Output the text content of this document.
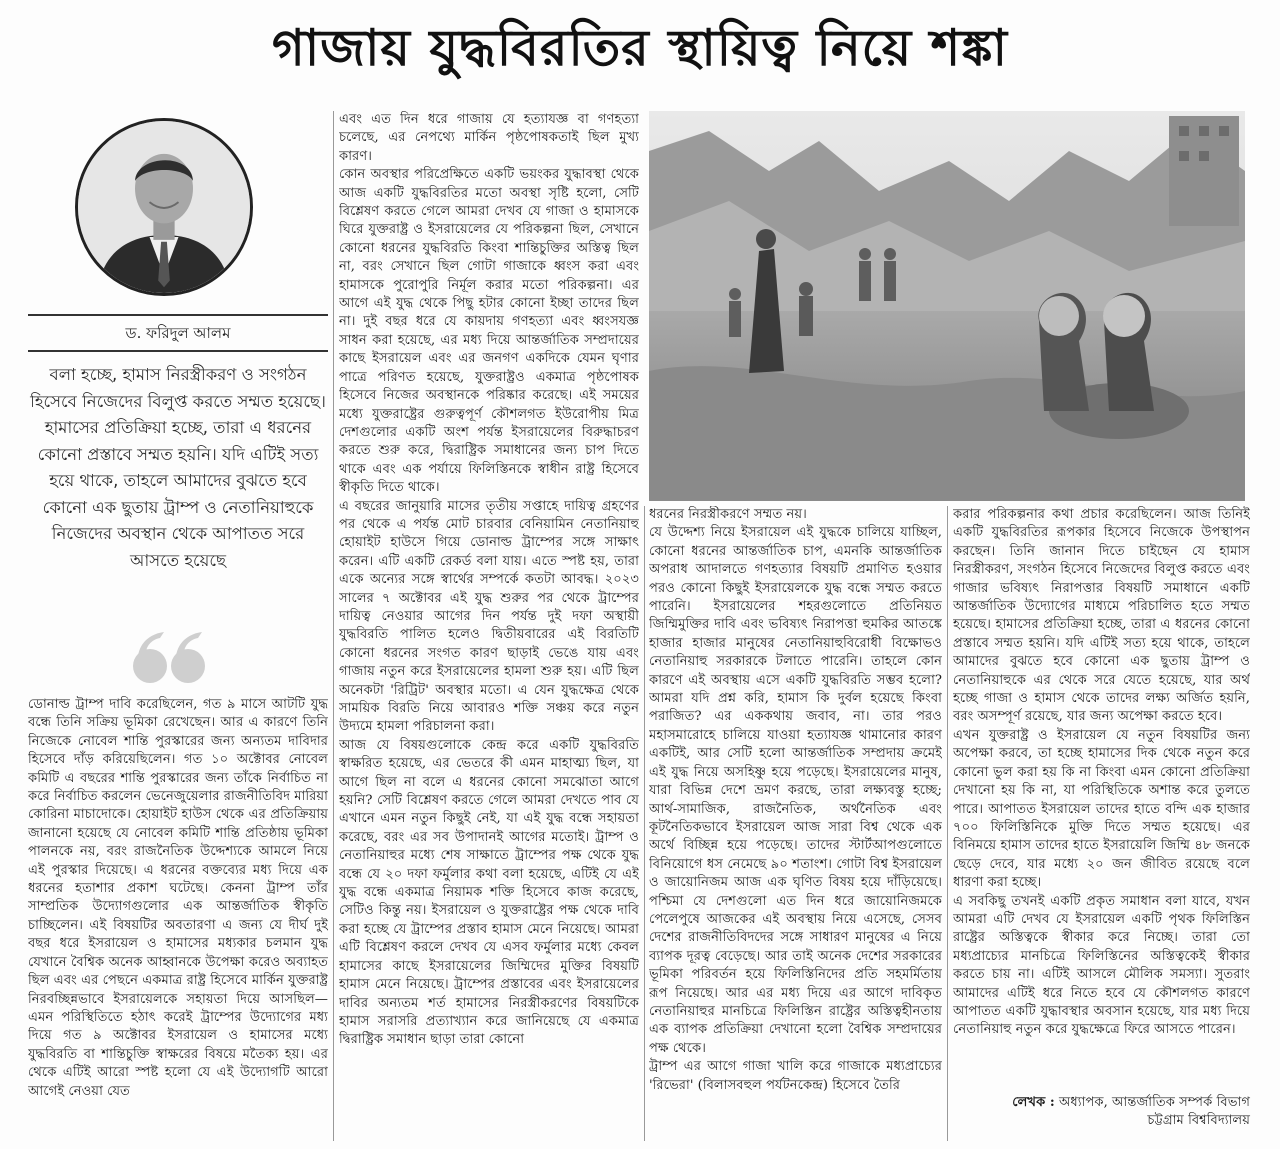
গাজায় যুদ্ধবিরতির স্থায়িত্ব নিয়ে শঙ্কা
ড. ফরিদুল আলম
বলা হচ্ছে, হামাস নিরস্ত্রীকরণ ও সংগঠন হিসেবে নিজেদের বিলুপ্ত করতে সম্মত হয়েছে। হামাসের প্রতিক্রিয়া হচ্ছে, তারা এ ধরনের কোনো প্রস্তাবে সম্মত হয়নি। যদি এটিই সত্য হয়ে থাকে, তাহলে আমাদের বুঝতে হবে কোনো এক ছুতায় ট্রাম্প ও নেতানিয়াহুকে নিজেদের অবস্থান থেকে আপাতত সরে আসতে হয়েছে

ডোনাল্ড ট্রাম্প দাবি করেছিলেন, গত ৯ মাসে আটটি যুদ্ধ বন্ধে তিনি সক্রিয় ভূমিকা রেখেছেন। আর এ কারণে তিনি নিজেকে নোবেল শান্তি পুরস্কারের জন্য অন্যতম দাবিদার হিসেবে দাঁড় করিয়েছিলেন। গত ১০ অক্টোবর নোবেল কমিটি এ বছরের শান্তি পুরস্কারের জন্য তাঁকে নির্বাচিত না করে নির্বাচিত করলেন ভেনেজুয়েলার রাজনীতিবিদ মারিয়া কোরিনা মাচাদোকে। হোয়াইট হাউস থেকে এর প্রতিক্রিয়ায় জানানো হয়েছে যে নোবেল কমিটি শান্তি প্রতিষ্ঠায় ভূমিকা পালনকে নয়, বরং রাজনৈতিক উদ্দেশ্যকে আমলে নিয়ে এই পুরস্কার দিয়েছে। এ ধরনের বক্তব্যের মধ্য দিয়ে এক ধরনের হতাশার প্রকাশ ঘটেছে। কেননা ট্রাম্প তাঁর সাম্প্রতিক উদ্যোগগুলোর এক আন্তর্জাতিক স্বীকৃতি চাচ্ছিলেন। এই বিষয়টির অবতারণা এ জন্য যে দীর্ঘ দুই বছর ধরে ইসরায়েল ও হামাসের মধ্যকার চলমান যুদ্ধ যেখানে বৈশ্বিক অনেক আহ্বানকে উপেক্ষা করেও অব্যাহত ছিল এবং এর পেছনে একমাত্র রাষ্ট্র হিসেবে মার্কিন যুক্তরাষ্ট্র নিরবচ্ছিন্নভাবে ইসরায়েলকে সহায়তা দিয়ে আসছিল—এমন পরিস্থিতিতে হঠাৎ করেই ট্রাম্পের উদ্যোগের মধ্য দিয়ে গত ৯ অক্টোবর ইসরায়েল ও হামাসের মধ্যে যুদ্ধবিরতি বা শান্তিচুক্তি স্বাক্ষরের বিষয়ে মতৈক্য হয়। এর থেকে এটিই আরো স্পষ্ট হলো যে এই উদ্যোগটি আরো আগেই নেওয়া যেত

এবং এত দিন ধরে গাজায় যে হত্যাযজ্ঞ বা গণহত্যা চলেছে, এর নেপথ্যে মার্কিন পৃষ্ঠপোষকতাই ছিল মুখ্য কারণ।

কোন অবস্থার পরিপ্রেক্ষিতে একটি ভয়ংকর যুদ্ধাবস্থা থেকে আজ একটি যুদ্ধবিরতির মতো অবস্থা সৃষ্টি হলো, সেটি বিশ্লেষণ করতে গেলে আমরা দেখব যে গাজা ও হামাসকে ঘিরে যুক্তরাষ্ট্র ও ইসরায়েলের যে পরিকল্পনা ছিল, সেখানে কোনো ধরনের যুদ্ধবিরতি কিংবা শান্তিচুক্তির অস্তিত্ব ছিল না, বরং সেখানে ছিল গোটা গাজাকে ধ্বংস করা এবং হামাসকে পুরোপুরি নির্মূল করার মতো পরিকল্পনা। এর আগে এই যুদ্ধ থেকে পিছু হটার কোনো ইচ্ছা তাদের ছিল না। দুই বছর ধরে যে কায়দায় গণহত্যা এবং ধ্বংসযজ্ঞ সাধন করা হয়েছে, এর মধ্য দিয়ে আন্তর্জাতিক সম্প্রদায়ের কাছে ইসরায়েল এবং এর জনগণ একদিকে যেমন ঘৃণার পাত্রে পরিণত হয়েছে, যুক্তরাষ্ট্রও একমাত্র পৃষ্ঠপোষক হিসেবে নিজের অবস্থানকে পরিষ্কার করেছে। এই সময়ের মধ্যে যুক্তরাষ্ট্রের গুরুত্বপূর্ণ কৌশলগত ইউরোপীয় মিত্র দেশগুলোর একটি অংশ পর্যন্ত ইসরায়েলের বিরুদ্ধাচরণ করতে শুরু করে, দ্বিরাষ্ট্রিক সমাধানের জন্য চাপ দিতে থাকে এবং এক পর্যায়ে ফিলিস্তিনকে স্বাধীন রাষ্ট্র হিসেবে স্বীকৃতি দিতে থাকে।

এ বছরের জানুয়ারি মাসের তৃতীয় সপ্তাহে দায়িত্ব গ্রহণের পর থেকে এ পর্যন্ত মোট চারবার বেনিয়ামিন নেতানিয়াহু হোয়াইট হাউসে গিয়ে ডোনাল্ড ট্রাম্পের সঙ্গে সাক্ষাৎ করেন। এটি একটি রেকর্ড বলা যায়। এতে স্পষ্ট হয়, তারা একে অন্যের সঙ্গে স্বার্থের সম্পর্কে কতটা আবদ্ধ। ২০২৩ সালের ৭ অক্টোবর এই যুদ্ধ শুরুর পর থেকে ট্রাম্পের দায়িত্ব নেওয়ার আগের দিন পর্যন্ত দুই দফা অস্থায়ী যুদ্ধবিরতি পালিত হলেও দ্বিতীয়বারের এই বিরতিটি কোনো ধরনের সংগত কারণ ছাড়াই ভেঙে যায় এবং গাজায় নতুন করে ইসরায়েলের হামলা শুরু হয়। এটি ছিল অনেকটা 'রিট্রিট' অবস্থার মতো। এ যেন যুদ্ধক্ষেত্র থেকে সাময়িক বিরতি নিয়ে আবারও শক্তি সঞ্চয় করে নতুন উদ্যমে হামলা পরিচালনা করা।

আজ যে বিষয়গুলোকে কেন্দ্র করে একটি যুদ্ধবিরতি স্বাক্ষরিত হয়েছে, এর ভেতরে কী এমন মাহাত্ম্য ছিল, যা আগে ছিল না বলে এ ধরনের কোনো সমঝোতা আগে হয়নি? সেটি বিশ্লেষণ করতে গেলে আমরা দেখতে পাব যে এখানে এমন নতুন কিছুই নেই, যা এই যুদ্ধ বন্ধে সহায়তা করেছে, বরং এর সব উপাদানই আগের মতোই। ট্রাম্প ও নেতানিয়াহুর মধ্যে শেষ সাক্ষাতে ট্রাম্পের পক্ষ থেকে যুদ্ধ বন্ধে যে ২০ দফা ফর্মুলার কথা বলা হয়েছে, এটিই যে এই যুদ্ধ বন্ধে একমাত্র নিয়ামক শক্তি হিসেবে কাজ করেছে, সেটিও কিন্তু নয়। ইসরায়েল ও যুক্তরাষ্ট্রের পক্ষ থেকে দাবি করা হচ্ছে যে ট্রাম্পের প্রস্তাব হামাস মেনে নিয়েছে। আমরা এটি বিশ্লেষণ করলে দেখব যে এসব ফর্মুলার মধ্যে কেবল হামাসের কাছে ইসরায়েলের জিম্মিদের মুক্তির বিষয়টি হামাস মেনে নিয়েছে। ট্রাম্পের প্রস্তাবের এবং ইসরায়েলের দাবির অন্যতম শর্ত হামাসের নিরস্ত্রীকরণের বিষয়টিকে হামাস সরাসরি প্রত্যাখ্যান করে জানিয়েছে যে একমাত্র দ্বিরাষ্ট্রিক সমাধান ছাড়া তারা কোনো

ধরনের নিরস্ত্রীকরণে সম্মত নয়।

যে উদ্দেশ্য নিয়ে ইসরায়েল এই যুদ্ধকে চালিয়ে যাচ্ছিল, কোনো ধরনের আন্তর্জাতিক চাপ, এমনকি আন্তর্জাতিক অপরাধ আদালতে গণহত্যার বিষয়টি প্রমাণিত হওয়ার পরও কোনো কিছুই ইসরায়েলকে যুদ্ধ বন্ধে সম্মত করতে পারেনি। ইসরায়েলের শহরগুলোতে প্রতিনিয়ত জিম্মিমুক্তির দাবি এবং ভবিষ্যৎ নিরাপত্তা হুমকির আতঙ্কে হাজার হাজার মানুষের নেতানিয়াহুবিরোধী বিক্ষোভও নেতানিয়াহু সরকারকে টলাতে পারেনি। তাহলে কোন কারণে এই অবস্থায় এসে একটি যুদ্ধবিরতি সম্ভব হলো? আমরা যদি প্রশ্ন করি, হামাস কি দুর্বল হয়েছে কিংবা পরাজিত? এর এককথায় জবাব, না। তার পরও মহাসমারোহে চালিয়ে যাওয়া হত্যাযজ্ঞ থামানোর কারণ একটিই, আর সেটি হলো আন্তর্জাতিক সম্প্রদায় ক্রমেই এই যুদ্ধ নিয়ে অসহিষ্ণু হয়ে পড়েছে। ইসরায়েলের মানুষ, যারা বিভিন্ন দেশে ভ্রমণ করছে, তারা লক্ষ্যবস্তু হচ্ছে; আর্থ-সামাজিক, রাজনৈতিক, অর্থনৈতিক এবং কূটনৈতিকভাবে ইসরায়েল আজ সারা বিশ্ব থেকে এক অর্থে বিচ্ছিন্ন হয়ে পড়েছে। তাদের স্টার্টআপগুলোতে বিনিয়োগে ধস নেমেছে ৯০ শতাংশ। গোটা বিশ্ব ইসরায়েল ও জায়োনিজম আজ এক ঘৃণিত বিষয় হয়ে দাঁড়িয়েছে। পশ্চিমা যে দেশগুলো এত দিন ধরে জায়োনিজমকে পেলেপুষে আজকের এই অবস্থায় নিয়ে এসেছে, সেসব দেশের রাজনীতিবিদদের সঙ্গে সাধারণ মানুষের এ নিয়ে ব্যাপক দূরত্ব বেড়েছে। আর তাই অনেক দেশের সরকারের ভূমিকা পরিবর্তন হয়ে ফিলিস্তিনিদের প্রতি সহমর্মিতায় রূপ নিয়েছে। আর এর মধ্য দিয়ে এর আগে দাবিকৃত নেতানিয়াহুর মানচিত্রে ফিলিস্তিন রাষ্ট্রের অস্তিত্বহীনতায় এক ব্যাপক প্রতিক্রিয়া দেখানো হলো বৈশ্বিক সম্প্রদায়ের পক্ষ থেকে।

ট্রাম্প এর আগে গাজা খালি করে গাজাকে মধ্যপ্রাচ্যের 'রিভেরা' (বিলাসবহুল পর্যটনকেন্দ্র) হিসেবে তৈরি

করার পরিকল্পনার কথা প্রচার করেছিলেন। আজ তিনিই একটি যুদ্ধবিরতির রূপকার হিসেবে নিজেকে উপস্থাপন করছেন। তিনি জানান দিতে চাইছেন যে হামাস নিরস্ত্রীকরণ, সংগঠন হিসেবে নিজেদের বিলুপ্ত করতে এবং গাজার ভবিষ্যৎ নিরাপত্তার বিষয়টি সমাধানে একটি আন্তর্জাতিক উদ্যোগের মাধ্যমে পরিচালিত হতে সম্মত হয়েছে। হামাসের প্রতিক্রিয়া হচ্ছে, তারা এ ধরনের কোনো প্রস্তাবে সম্মত হয়নি। যদি এটিই সত্য হয়ে থাকে, তাহলে আমাদের বুঝতে হবে কোনো এক ছুতায় ট্রাম্প ও নেতানিয়াহুকে এর থেকে সরে যেতে হয়েছে, যার অর্থ হচ্ছে গাজা ও হামাস থেকে তাদের লক্ষ্য অর্জিত হয়নি, বরং অসম্পূর্ণ রয়েছে, যার জন্য অপেক্ষা করতে হবে।

এখন যুক্তরাষ্ট্র ও ইসরায়েল যে নতুন বিষয়টির জন্য অপেক্ষা করবে, তা হচ্ছে হামাসের দিক থেকে নতুন করে কোনো ভুল করা হয় কি না কিংবা এমন কোনো প্রতিক্রিয়া দেখানো হয় কি না, যা পরিস্থিতিকে অশান্ত করে তুলতে পারে। আপাতত ইসরায়েল তাদের হাতে বন্দি এক হাজার ৭০০ ফিলিস্তিনিকে মুক্তি দিতে সম্মত হয়েছে। এর বিনিময়ে হামাস তাদের হাতে ইসরায়েলি জিম্মি ৪৮ জনকে ছেড়ে দেবে, যার মধ্যে ২০ জন জীবিত রয়েছে বলে ধারণা করা হচ্ছে।

এ সবকিছু তখনই একটি প্রকৃত সমাধান বলা যাবে, যখন আমরা এটি দেখব যে ইসরায়েল একটি পৃথক ফিলিস্তিন রাষ্ট্রের অস্তিত্বকে স্বীকার করে নিচ্ছে। তারা তো মধ্যপ্রাচ্যের মানচিত্রে ফিলিস্তিনের অস্তিত্বকেই স্বীকার করতে চায় না। এটিই আসলে মৌলিক সমস্যা। সুতরাং আমাদের এটিই ধরে নিতে হবে যে কৌশলগত কারণে আপাতত একটি যুদ্ধাবস্থার অবসান হয়েছে, যার মধ্য দিয়ে নেতানিয়াহু নতুন করে যুদ্ধক্ষেত্রে ফিরে আসতে পারেন।

লেখক : অধ্যাপক, আন্তর্জাতিক সম্পর্ক বিভাগ
চট্টগ্রাম বিশ্ববিদ্যালয়
